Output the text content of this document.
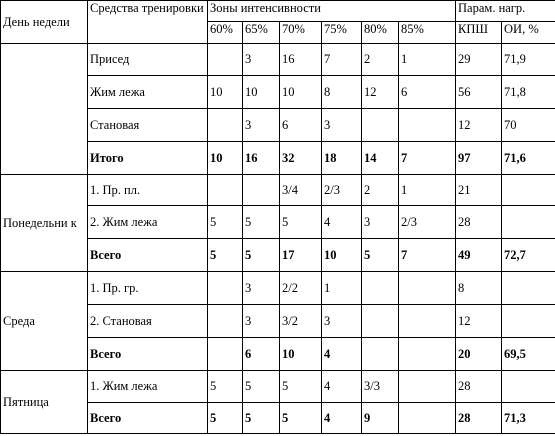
День недели	Средства тренировки	Зоны интенсивности						Парам. нагр.	
		60%	65%	70%	75%	80%	85%	КПШ	ОИ, %
	Присед		3	16	7	2	1	29	71,9
	Жим лежа	10	10	10	8	12	6	56	71,8
	Становая		3	6	3			12	70
	Итого	10	16	32	18	14	7	97	71,6
Понедельни к	1. Пр. пл.			3/4	2/3	2	1	21	
	2. Жим лежа	5	5	5	4	3	2/3	28	
	Всего	5	5	17	10	5	7	49	72,7
Среда	1. Пр. гр.		3	2/2	1			8	
	2. Становая		3	3/2	3			12	
	Всего		6	10	4			20	69,5
Пятница	1. Жим лежа	5	5	5	4	3/3		28	
	Всего	5	5	5	4	9		28	71,3
